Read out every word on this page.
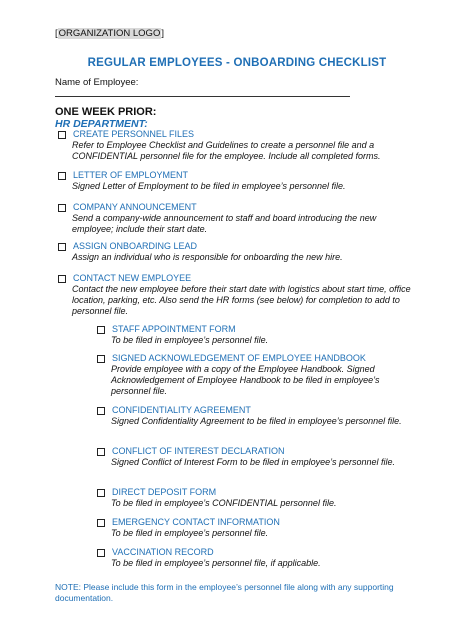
[ORGANIZATION LOGO]
REGULAR EMPLOYEES - ONBOARDING CHECKLIST
Name of Employee:
ONE WEEK PRIOR:
HR DEPARTMENT:
CREATE PERSONNEL FILES
Refer to Employee Checklist and Guidelines to create a personnel file and a CONFIDENTIAL personnel file for the employee. Include all completed forms.
LETTER OF EMPLOYMENT
Signed Letter of Employment to be filed in employee’s personnel file.
COMPANY ANNOUNCEMENT
Send a company-wide announcement to staff and board introducing the new employee; include their start date.
ASSIGN ONBOARDING LEAD
Assign an individual who is responsible for onboarding the new hire.
CONTACT NEW EMPLOYEE
Contact the new employee before their start date with logistics about start time, office location, parking, etc. Also send the HR forms (see below) for completion to add to personnel file.
STAFF APPOINTMENT FORM
To be filed in employee’s personnel file.
SIGNED ACKNOWLEDGEMENT OF EMPLOYEE HANDBOOK
Provide employee with a copy of the Employee Handbook. Signed Acknowledgement of Employee Handbook to be filed in employee’s personnel file.
CONFIDENTIALITY AGREEMENT
Signed Confidentiality Agreement to be filed in employee’s personnel file.
CONFLICT OF INTEREST DECLARATION
Signed Conflict of Interest Form to be filed in employee’s personnel file.
DIRECT DEPOSIT FORM
To be filed in employee’s CONFIDENTIAL personnel file.
EMERGENCY CONTACT INFORMATION
To be filed in employee’s personnel file.
VACCINATION RECORD
To be filed in employee’s personnel file, if applicable.
NOTE: Please include this form in the employee’s personnel file along with any supporting documentation.
